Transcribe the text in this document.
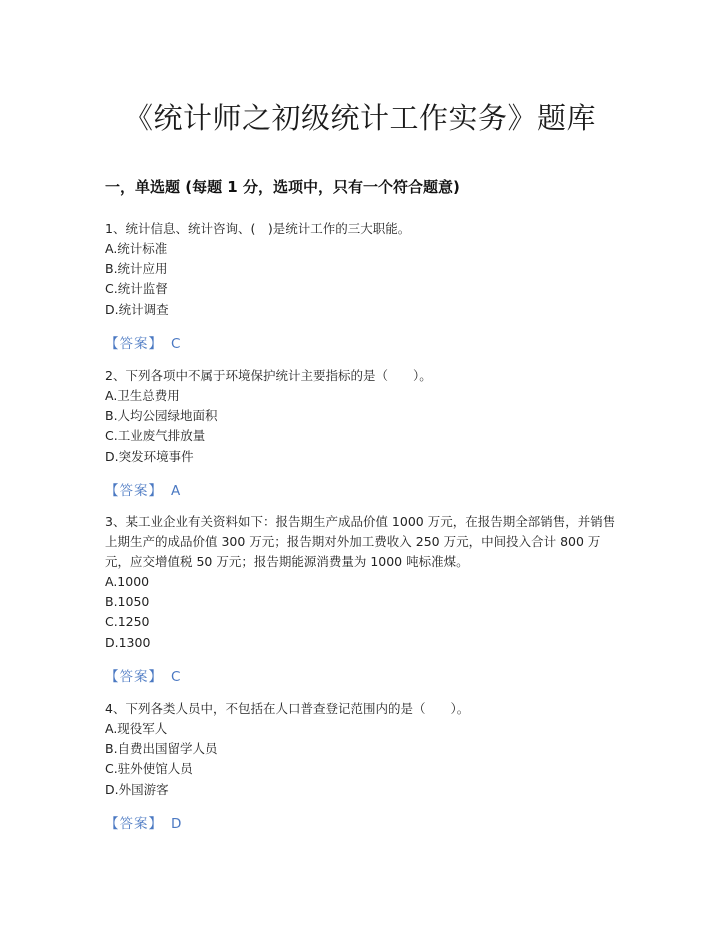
《统计师之初级统计工作实务》题库
一，单选题 (每题 1 分，选项中，只有一个符合题意)

1、统计信息、统计咨询、(　)是统计工作的三大职能。

A.统计标准

B.统计应用

C.统计监督

D.统计调查

【答案】 C

2、下列各项中不属于环境保护统计主要指标的是（　　）。

A.卫生总费用

B.人均公园绿地面积

C.工业废气排放量

D.突发环境事件

【答案】 A

3、某工业企业有关资料如下：报告期生产成品价值 1000 万元，在报告期全部销售，并销售上期生产的成品价值 300 万元；报告期对外加工费收入 250 万元，中间投入合计 800 万元，应交增值税 50 万元；报告期能源消费量为 1000 吨标准煤。

A.1000

B.1050

C.1250

D.1300

【答案】 C

4、下列各类人员中，不包括在人口普查登记范围内的是（　　）。

A.现役军人

B.自费出国留学人员

C.驻外使馆人员

D.外国游客

【答案】 D
